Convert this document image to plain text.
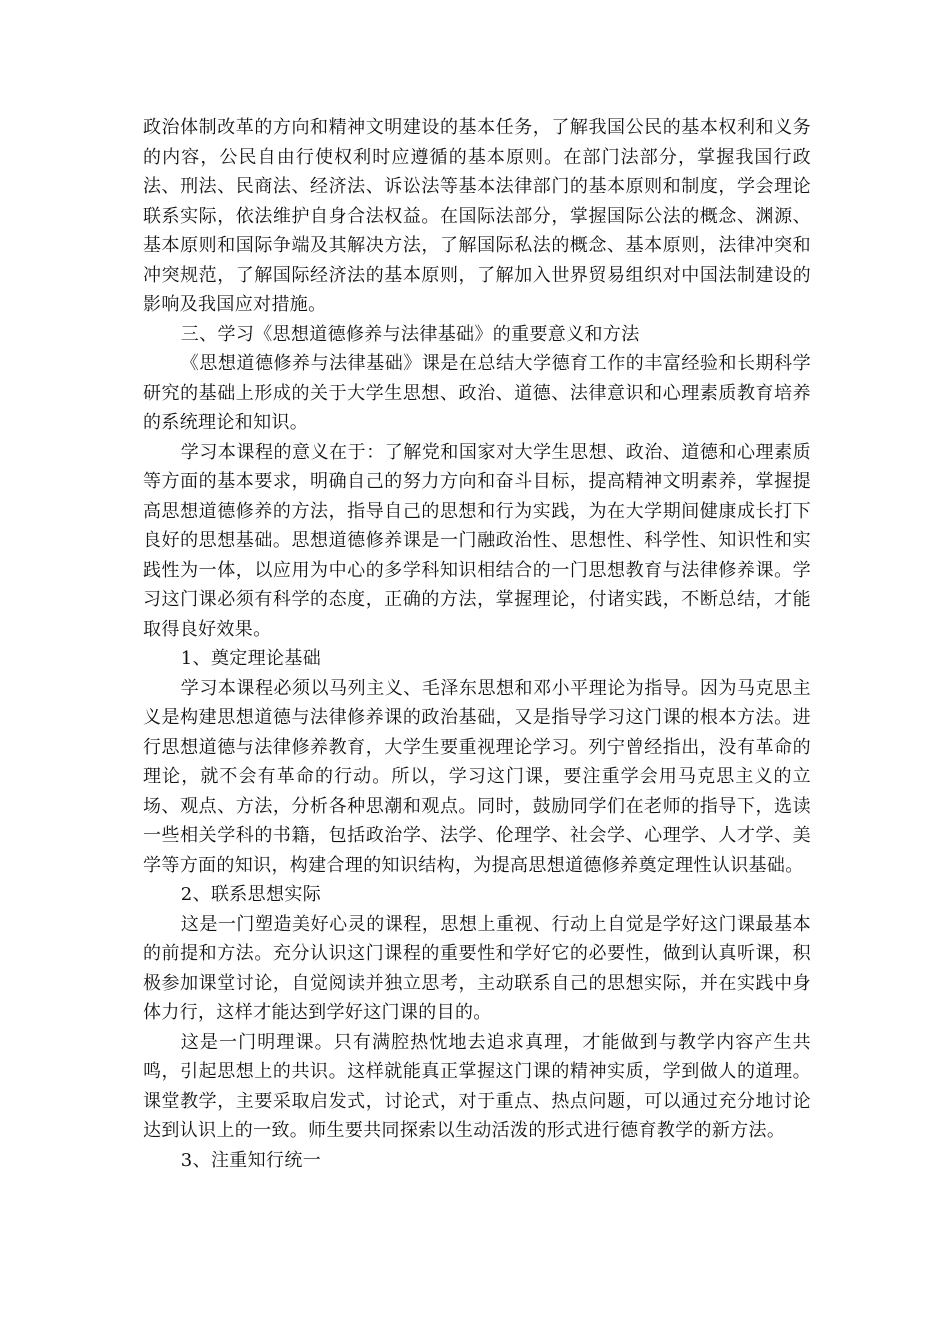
政治体制改革的方向和精神文明建设的基本任务，了解我国公民的基本权利和义务的内容，公民自由行使权利时应遵循的基本原则。在部门法部分，掌握我国行政法、刑法、民商法、经济法、诉讼法等基本法律部门的基本原则和制度，学会理论联系实际，依法维护自身合法权益。在国际法部分，掌握国际公法的概念、渊源、基本原则和国际争端及其解决方法，了解国际私法的概念、基本原则，法律冲突和冲突规范，了解国际经济法的基本原则，了解加入世界贸易组织对中国法制建设的影响及我国应对措施。

三、学习《思想道德修养与法律基础》的重要意义和方法

《思想道德修养与法律基础》课是在总结大学德育工作的丰富经验和长期科学研究的基础上形成的关于大学生思想、政治、道德、法律意识和心理素质教育培养的系统理论和知识。

学习本课程的意义在于：了解党和国家对大学生思想、政治、道德和心理素质等方面的基本要求，明确自己的努力方向和奋斗目标，提高精神文明素养，掌握提高思想道德修养的方法，指导自己的思想和行为实践，为在大学期间健康成长打下良好的思想基础。思想道德修养课是一门融政治性、思想性、科学性、知识性和实践性为一体，以应用为中心的多学科知识相结合的一门思想教育与法律修养课。学习这门课必须有科学的态度，正确的方法，掌握理论，付诸实践，不断总结，才能取得良好效果。

1、奠定理论基础

学习本课程必须以马列主义、毛泽东思想和邓小平理论为指导。因为马克思主义是构建思想道德与法律修养课的政治基础，又是指导学习这门课的根本方法。进行思想道德与法律修养教育，大学生要重视理论学习。列宁曾经指出，没有革命的理论，就不会有革命的行动。所以，学习这门课，要注重学会用马克思主义的立场、观点、方法，分析各种思潮和观点。同时，鼓励同学们在老师的指导下，选读一些相关学科的书籍，包括政治学、法学、伦理学、社会学、心理学、人才学、美学等方面的知识，构建合理的知识结构，为提高思想道德修养奠定理性认识基础。

2、联系思想实际

这是一门塑造美好心灵的课程，思想上重视、行动上自觉是学好这门课最基本的前提和方法。充分认识这门课程的重要性和学好它的必要性，做到认真听课，积极参加课堂讨论，自觉阅读并独立思考，主动联系自己的思想实际，并在实践中身体力行，这样才能达到学好这门课的目的。

这是一门明理课。只有满腔热忱地去追求真理，才能做到与教学内容产生共鸣，引起思想上的共识。这样就能真正掌握这门课的精神实质，学到做人的道理。课堂教学，主要采取启发式，讨论式，对于重点、热点问题，可以通过充分地讨论达到认识上的一致。师生要共同探索以生动活泼的形式进行德育教学的新方法。

3、注重知行统一
